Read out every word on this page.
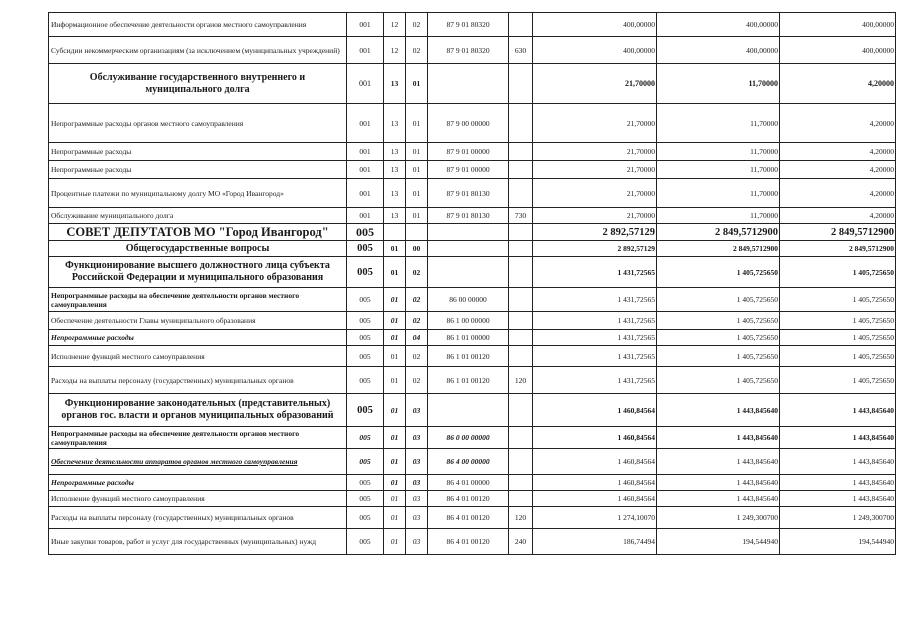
Информационное обеспечение деятельности органов местного самоуправления	001	12	02	87 9 01 80320		400,00000	400,00000	400,00000
Субсидии некоммерческим организациям (за исключением (муниципальных учреждений)	001	12	02	87 9 01 80320	630	400,00000	400,00000	400,00000
Обслуживание государственного внутреннего и муниципального долга	001	13	01			21,70000	11,70000	4,20000
Непрограммные расходы органов местного самоуправления	001	13	01	87 9 00 00000		21,70000	11,70000	4,20000
Непрограммные расходы	001	13	01	87 9 01 00000		21,70000	11,70000	4,20000
Непрограммные расходы	001	13	01	87 9 01 00000		21,70000	11,70000	4,20000
Процентные платежи по муниципальному долгу МО «Город Ивангород»	001	13	01	87 9 01 80130		21,70000	11,70000	4,20000
Обслуживание муниципального долга	001	13	01	87 9 01 80130	730	21,70000	11,70000	4,20000
СОВЕТ ДЕПУТАТОВ МО "Город Ивангород"	005					2 892,57129	2 849,5712900	2 849,5712900
Общегосударственные вопросы	005	01	00			2 892,57129	2 849,5712900	2 849,5712900
Функционирование высшего должностного лица субъекта Российской Федерации и муниципального образования	005	01	02			1 431,72565	1 405,725650	1 405,725650
Непрограммные расходы на обеспечение деятельности органов местного самоуправления	005	01	02	86 00 00000		1 431,72565	1 405,725650	1 405,725650
Обеспечение деятельности Главы муниципального образования	005	01	02	86 1 00 00000		1 431,72565	1 405,725650	1 405,725650
Непрограммные расходы	005	01	04	86 1 01 00000		1 431,72565	1 405,725650	1 405,725650
Исполнение функций местного самоуправления	005	01	02	86 1 01 00120		1 431,72565	1 405,725650	1 405,725650
Расходы на выплаты персоналу (государственных) муниципальных органов	005	01	02	86 1 01 00120	120	1 431,72565	1 405,725650	1 405,725650
Функционирование законодательных (представительных) органов гос. власти и органов муниципальных образований	005	01	03			1 460,84564	1 443,845640	1 443,845640
Непрограммные расходы на обеспечение деятельности органов местного самоуправления	005	01	03	86 0 00 00000		1 460,84564	1 443,845640	1 443,845640
Обеспечение деятельности аппаратов органов местного самоуправления	005	01	03	86 4 00 00000		1 460,84564	1 443,845640	1 443,845640
Непрограммные расходы	005	01	03	86 4 01 00000		1 460,84564	1 443,845640	1 443,845640
Исполнение функций местного самоуправления	005	01	03	86 4 01 00120		1 460,84564	1 443,845640	1 443,845640
Расходы на выплаты персоналу (государственных) муниципальных органов	005	01	03	86 4 01 00120	120	1 274,10070	1 249,300700	1 249,300700
Иные закупки товаров, работ и услуг для государственных (муниципальных) нужд	005	01	03	86 4 01 00120	240	186,74494	194,544940	194,544940
